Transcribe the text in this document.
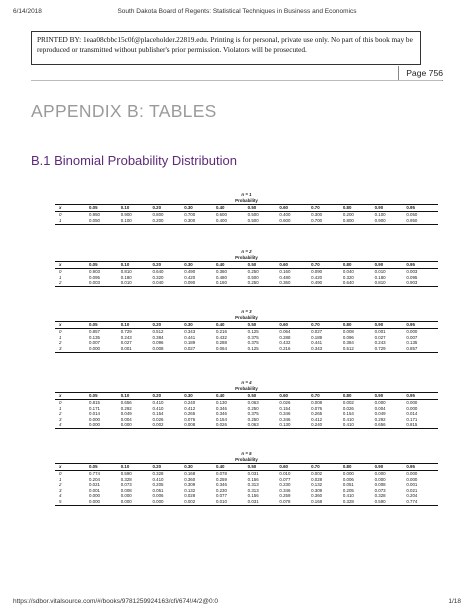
6/14/2018	South Dakota Board of Regents: Statistical Techniques in Business and Economics
PRINTED BY: 1eaa08cbbc15c0f@placeholder.22819.edu. Printing is for personal, private use only. No part of this book may be reproduced or transmitted without publisher's prior permission. Violators will be prosecuted.
Page 756
APPENDIX B: TABLES
B.1 Binomial Probability Distribution
n = 1
Probability
x	0.05	0.10	0.20	0.30	0.40	0.50	0.60	0.70	0.80	0.90	0.95
0	0.950	0.900	0.800	0.700	0.600	0.500	0.400	0.300	0.200	0.100	0.050
1	0.050	0.100	0.200	0.300	0.400	0.500	0.600	0.700	0.800	0.900	0.950
n = 2
Probability
x	0.05	0.10	0.20	0.30	0.40	0.50	0.60	0.70	0.80	0.90	0.95
0	0.903	0.810	0.640	0.490	0.360	0.250	0.160	0.090	0.040	0.010	0.003
1	0.095	0.180	0.320	0.420	0.480	0.500	0.480	0.420	0.320	0.180	0.095
2	0.003	0.010	0.040	0.090	0.160	0.250	0.360	0.490	0.640	0.810	0.903
n = 3
Probability
x	0.05	0.10	0.20	0.30	0.40	0.50	0.60	0.70	0.80	0.90	0.95
0	0.857	0.729	0.512	0.343	0.216	0.125	0.064	0.027	0.008	0.001	0.000
1	0.135	0.243	0.384	0.441	0.432	0.375	0.288	0.189	0.096	0.027	0.007
2	0.007	0.027	0.096	0.189	0.288	0.375	0.432	0.441	0.384	0.243	0.135
3	0.000	0.001	0.008	0.027	0.064	0.125	0.216	0.343	0.512	0.729	0.857
n = 4
Probability
x	0.05	0.10	0.20	0.30	0.40	0.50	0.60	0.70	0.80	0.90	0.95
0	0.815	0.656	0.410	0.240	0.130	0.063	0.026	0.008	0.002	0.000	0.000
1	0.171	0.292	0.410	0.412	0.346	0.250	0.154	0.076	0.026	0.004	0.000
2	0.014	0.049	0.154	0.265	0.346	0.375	0.346	0.265	0.154	0.049	0.014
3	0.000	0.004	0.026	0.076	0.154	0.250	0.346	0.412	0.410	0.292	0.171
4	0.000	0.000	0.002	0.008	0.026	0.063	0.130	0.240	0.410	0.656	0.815
n = 5
Probability
x	0.05	0.10	0.20	0.30	0.40	0.50	0.60	0.70	0.80	0.90	0.95
0	0.774	0.590	0.328	0.168	0.078	0.031	0.010	0.002	0.000	0.000	0.000
1	0.204	0.328	0.410	0.360	0.259	0.156	0.077	0.028	0.006	0.000	0.000
2	0.021	0.073	0.205	0.309	0.346	0.313	0.230	0.132	0.051	0.008	0.001
3	0.001	0.008	0.051	0.132	0.230	0.313	0.346	0.309	0.205	0.073	0.021
4	0.000	0.000	0.006	0.028	0.077	0.156	0.259	0.360	0.410	0.328	0.204
5	0.000	0.000	0.000	0.002	0.010	0.031	0.078	0.168	0.328	0.590	0.774
https://sdbor.vitalsource.com/#/books/9781259924163/cfi/674!/4/2@0:0	1/18
